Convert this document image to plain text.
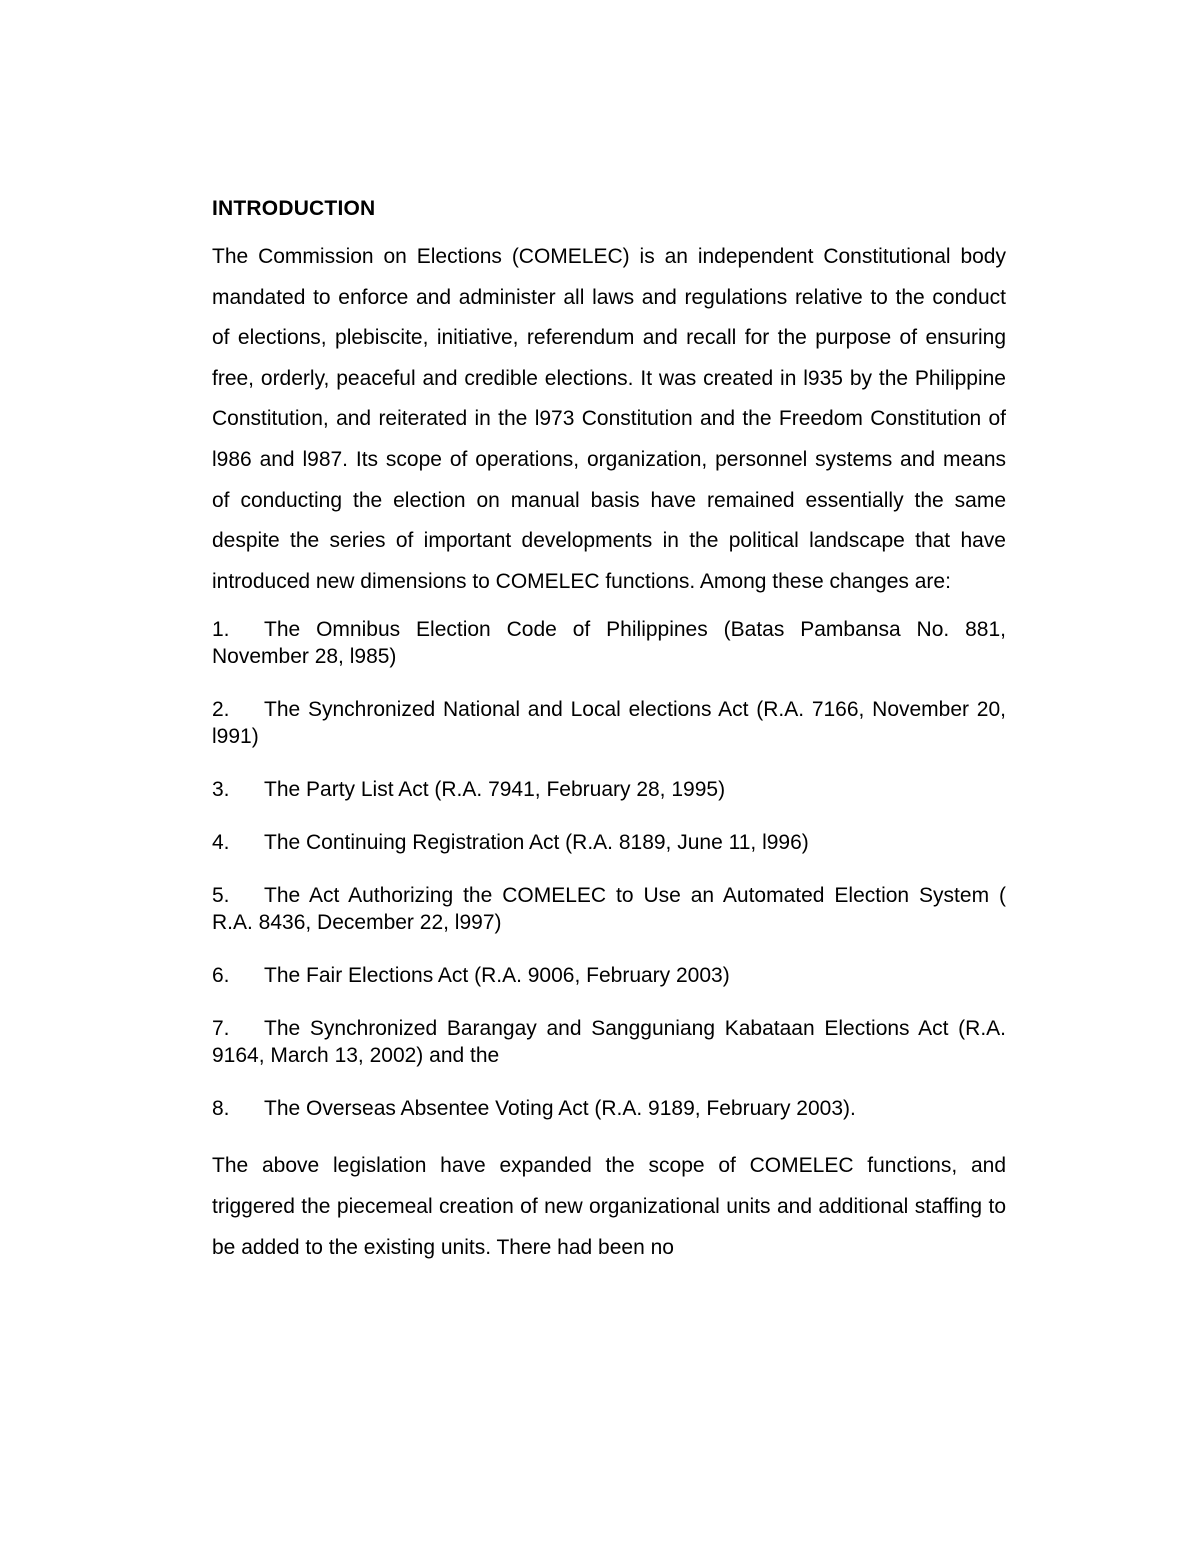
INTRODUCTION

The Commission on Elections (COMELEC) is an independent Constitutional body mandated to enforce and administer all laws and regulations relative to the conduct of elections, plebiscite, initiative, referendum and recall for the purpose of ensuring free, orderly, peaceful and credible elections. It was created in l935 by the Philippine Constitution, and reiterated in the l973 Constitution and the Freedom Constitution of l986 and l987. Its scope of operations, organization, personnel systems and means of conducting the election on manual basis have remained essentially the same despite the series of important developments in the political landscape that have introduced new dimensions to COMELEC functions. Among these changes are:

1. The Omnibus Election Code of Philippines (Batas Pambansa No. 881, November 28, l985)
2. The Synchronized National and Local elections Act (R.A. 7166, November 20, l991)
3. The Party List Act (R.A. 7941, February 28, 1995)
4. The Continuing Registration Act (R.A. 8189, June 11, l996)
5. The Act Authorizing the COMELEC to Use an Automated Election System ( R.A. 8436, December 22, l997)
6. The Fair Elections Act (R.A. 9006, February 2003)
7. The Synchronized Barangay and Sangguniang Kabataan Elections Act (R.A. 9164, March 13, 2002) and the
8. The Overseas Absentee Voting Act (R.A. 9189, February 2003).

The above legislation have expanded the scope of COMELEC functions, and triggered the piecemeal creation of new organizational units and additional staffing to be added to the existing units. There had been no
